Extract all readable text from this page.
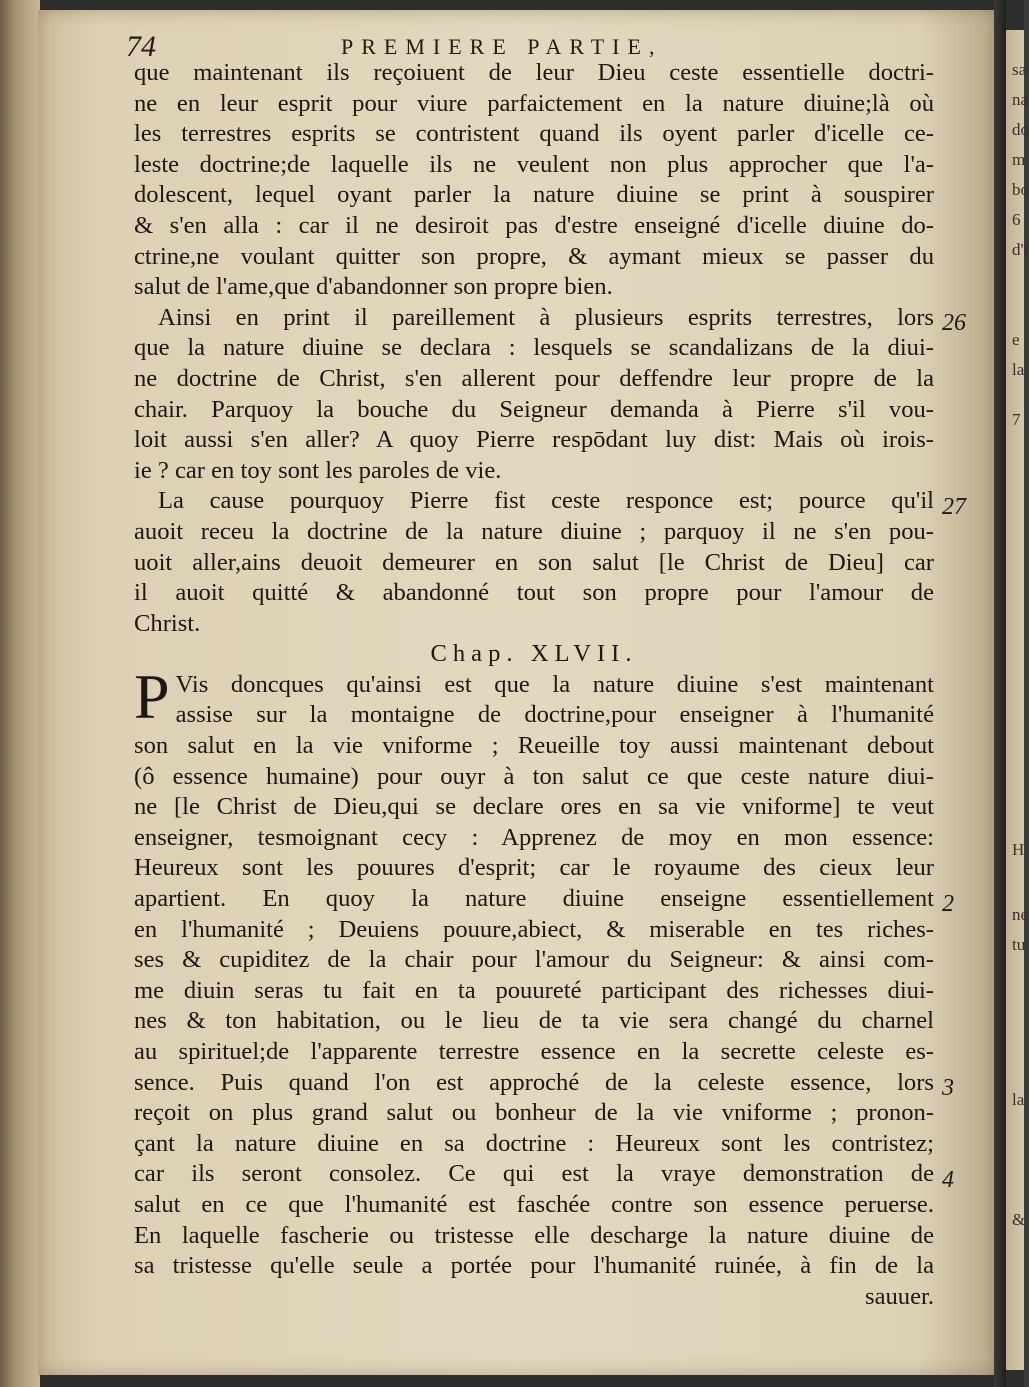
sa
na
do
m
bo
6
d'i
e
la
7
H
ne
tu
la
&
74	PREMIERE PARTIE,
que maintenant ils reçoiuent de leur Dieu ceste essentielle doctri-
ne en leur esprit pour viure parfaictement en la nature diuine;là où
les terrestres esprits se contristent quand ils oyent parler d'icelle ce-
leste doctrine;de laquelle ils ne veulent non plus approcher que l'a-
dolescent, lequel oyant parler la nature diuine se print à souspirer
& s'en alla : car il ne desiroit pas d'estre enseigné d'icelle diuine do-
ctrine,ne voulant quitter son propre, & aymant mieux se passer du
salut de l'ame,que d'abandonner son propre bien.
Ainsi en print il pareillement à plusieurs esprits terrestres, lors
que la nature diuine se declara : lesquels se scandalizans de la diui-
ne doctrine de Christ, s'en allerent pour deffendre leur propre de la
chair. Parquoy la bouche du Seigneur demanda à Pierre s'il vou-
loit aussi s'en aller? A quoy Pierre respōdant luy dist: Mais où irois-
ie ? car en toy sont les paroles de vie.
La cause pourquoy Pierre fist ceste responce est; pource qu'il
auoit receu la doctrine de la nature diuine ; parquoy il ne s'en pou-
uoit aller,ains deuoit demeurer en son salut [le Christ de Dieu] car
il auoit quitté & abandonné tout son propre pour l'amour de
Christ.
Chap. XLVII.
P Vis doncques qu'ainsi est que la nature diuine s'est maintenant
assise sur la montaigne de doctrine,pour enseigner à l'humanité
son salut en la vie vniforme ; Reueille toy aussi maintenant debout
(ô essence humaine) pour ouyr à ton salut ce que ceste nature diui-
ne [le Christ de Dieu,qui se declare ores en sa vie vniforme] te veut
enseigner, tesmoignant cecy : Apprenez de moy en mon essence:
Heureux sont les pouures d'esprit; car le royaume des cieux leur
apartient. En quoy la nature diuine enseigne essentiellement
en l'humanité ; Deuiens pouure,abiect, & miserable en tes riches-
ses & cupiditez de la chair pour l'amour du Seigneur: & ainsi com-
me diuin seras tu fait en ta pouureté participant des richesses diui-
nes & ton habitation, ou le lieu de ta vie sera changé du charnel
au spirituel;de l'apparente terrestre essence en la secrette celeste es-
sence. Puis quand l'on est approché de la celeste essence, lors
reçoit on plus grand salut ou bonheur de la vie vniforme ; pronon-
çant la nature diuine en sa doctrine : Heureux sont les contristez;
car ils seront consolez. Ce qui est la vraye demonstration de
salut en ce que l'humanité est faschée contre son essence peruerse.
En laquelle fascherie ou tristesse elle descharge la nature diuine de
sa tristesse qu'elle seule a portée pour l'humanité ruinée, à fin de la
sauuer.
26
27
2
3
4
